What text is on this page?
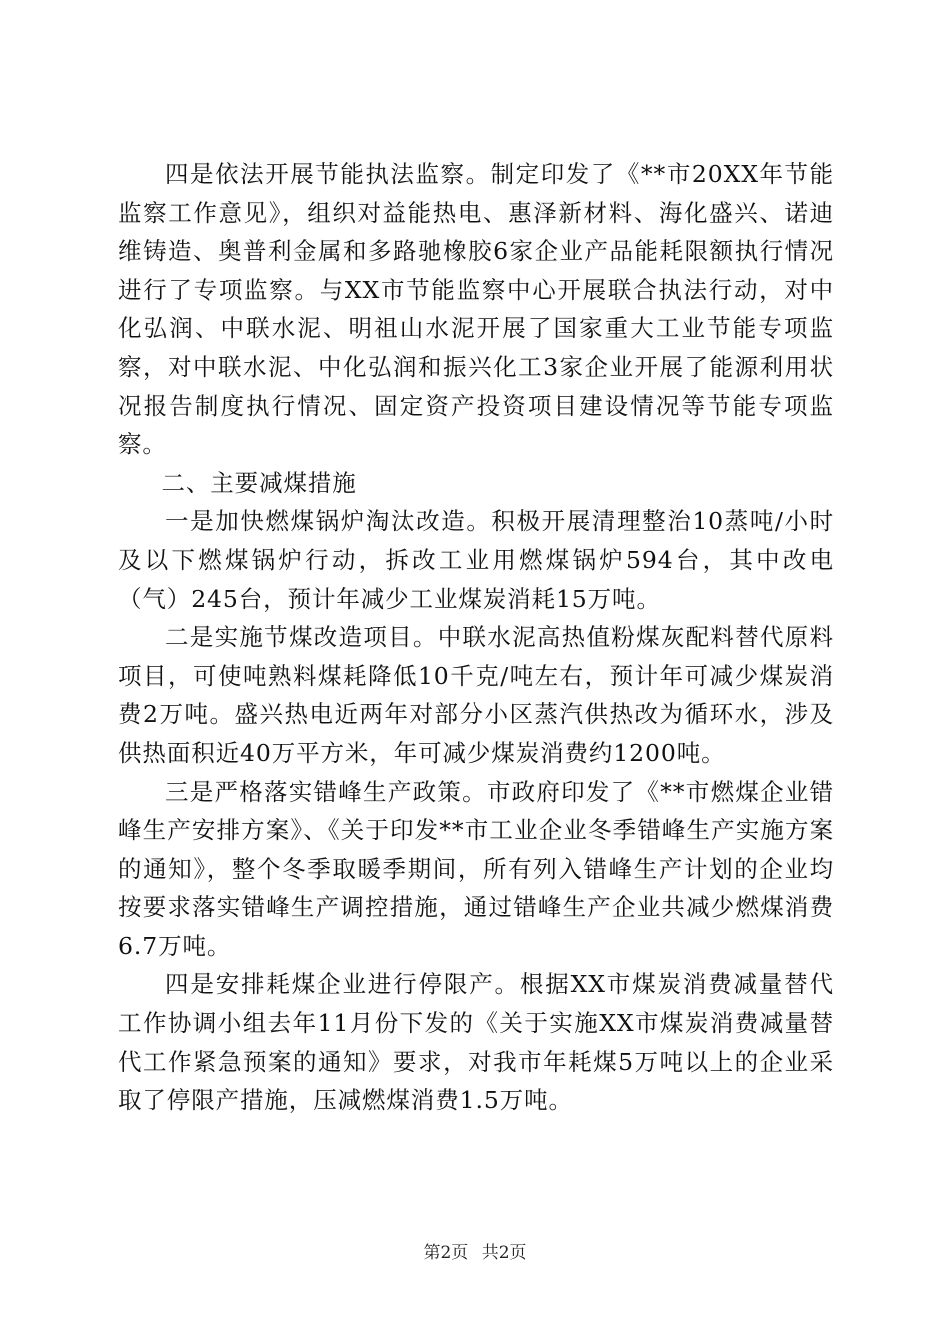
四是依法开展节能执法监察。制定印发了《**市20XX年节能监察工作意见》，组织对益能热电、惠泽新材料、海化盛兴、诺迪维铸造、奥普利金属和多路驰橡胶6家企业产品能耗限额执行情况进行了专项监察。与XX市节能监察中心开展联合执法行动，对中化弘润、中联水泥、明祖山水泥开展了国家重大工业节能专项监察，对中联水泥、中化弘润和振兴化工3家企业开展了能源利用状况报告制度执行情况、固定资产投资项目建设情况等节能专项监察。

二、主要减煤措施

一是加快燃煤锅炉淘汰改造。积极开展清理整治10蒸吨/小时及以下燃煤锅炉行动，拆改工业用燃煤锅炉594台，其中改电（气）245台，预计年减少工业煤炭消耗15万吨。

二是实施节煤改造项目。中联水泥高热值粉煤灰配料替代原料项目，可使吨熟料煤耗降低10千克/吨左右，预计年可减少煤炭消费2万吨。盛兴热电近两年对部分小区蒸汽供热改为循环水，涉及供热面积近40万平方米，年可减少煤炭消费约1200吨。

三是严格落实错峰生产政策。市政府印发了《**市燃煤企业错峰生产安排方案》、《关于印发**市工业企业冬季错峰生产实施方案的通知》，整个冬季取暖季期间，所有列入错峰生产计划的企业均按要求落实错峰生产调控措施，通过错峰生产企业共减少燃煤消费6.7万吨。

四是安排耗煤企业进行停限产。根据XX市煤炭消费减量替代工作协调小组去年11月份下发的《关于实施XX市煤炭消费减量替代工作紧急预案的通知》要求，对我市年耗煤5万吨以上的企业采取了停限产措施，压减燃煤消费1.5万吨。

第2页 共2页
